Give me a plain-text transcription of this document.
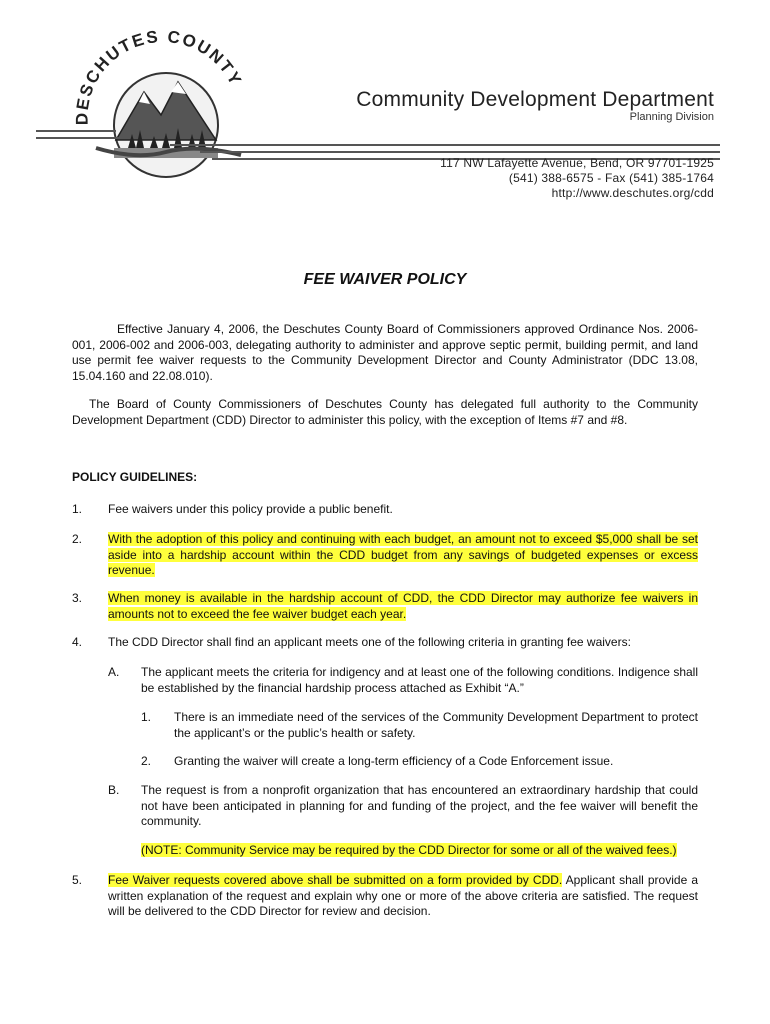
DESCHUTES COUNTY
Community Development Department
Planning Division
117 NW Lafayette Avenue, Bend, OR 97701-1925
(541) 388-6575 - Fax (541) 385-1764
http://www.deschutes.org/cdd
FEE WAIVER POLICY
Effective January 4, 2006, the Deschutes County Board of Commissioners approved Ordinance Nos. 2006-001, 2006-002 and 2006-003, delegating authority to administer and approve septic permit, building permit, and land use permit fee waiver requests to the Community Development Director and County Administrator (DDC 13.08, 15.04.160 and 22.08.010).
The Board of County Commissioners of Deschutes County has delegated full authority to the Community Development Department (CDD) Director to administer this policy, with the exception of Items #7 and #8.
POLICY GUIDELINES:
1. Fee waivers under this policy provide a public benefit.
2. With the adoption of this policy and continuing with each budget, an amount not to exceed $5,000 shall be set aside into a hardship account within the CDD budget from any savings of budgeted expenses or excess revenue.
3. When money is available in the hardship account of CDD, the CDD Director may authorize fee waivers in amounts not to exceed the fee waiver budget each year.
4. The CDD Director shall find an applicant meets one of the following criteria in granting fee waivers:
A. The applicant meets the criteria for indigency and at least one of the following conditions. Indigence shall be established by the financial hardship process attached as Exhibit “A.”
1. There is an immediate need of the services of the Community Development Department to protect the applicant’s or the public’s health or safety.
2. Granting the waiver will create a long-term efficiency of a Code Enforcement issue.
B. The request is from a nonprofit organization that has encountered an extraordinary hardship that could not have been anticipated in planning for and funding of the project, and the fee waiver will benefit the community.
(NOTE: Community Service may be required by the CDD Director for some or all of the waived fees.)
5. Fee Waiver requests covered above shall be submitted on a form provided by CDD. Applicant shall provide a written explanation of the request and explain why one or more of the above criteria are satisfied. The request will be delivered to the CDD Director for review and decision.
